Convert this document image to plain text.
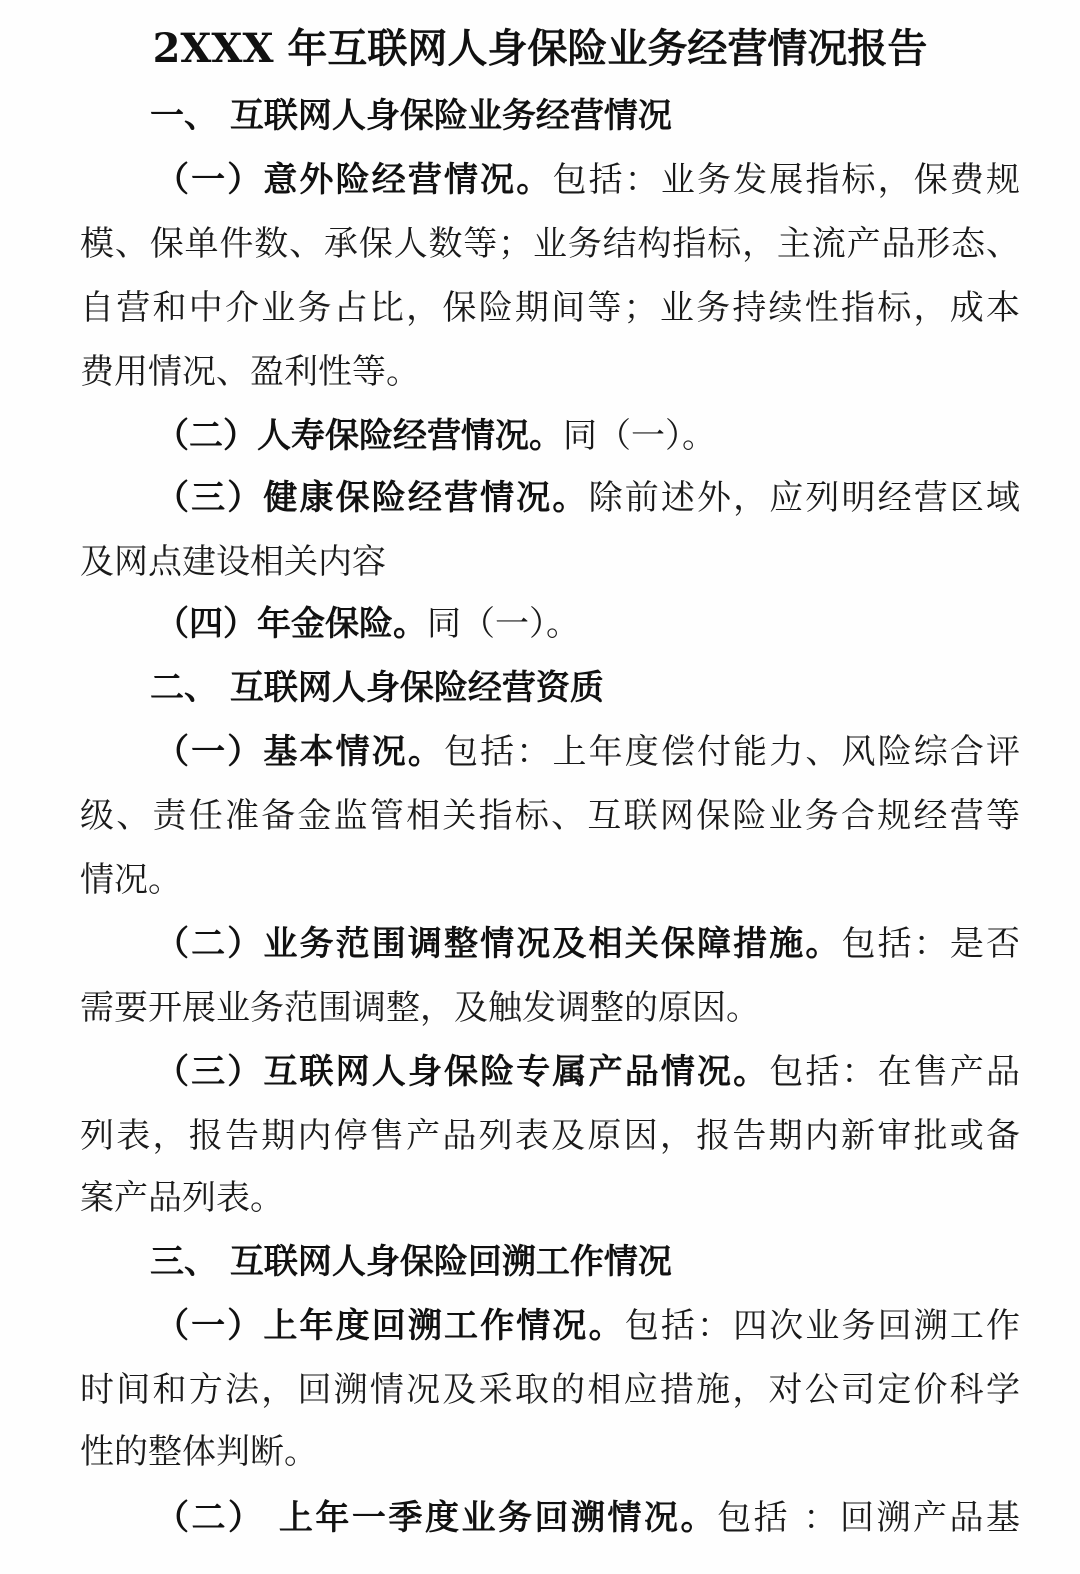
2XXX 年互联网人身保险业务经营情况报告
一、 互联网人身保险业务经营情况
（一）意外险经营情况。包括：业务发展指标，保费规
模、保单件数、承保人数等；业务结构指标，主流产品形态、
自营和中介业务占比，保险期间等；业务持续性指标，成本
费用情况、盈利性等。
（二）人寿保险经营情况。同（一）。
（三）健康保险经营情况。除前述外，应列明经营区域
及网点建设相关内容
（四）年金保险。同（一）。
二、 互联网人身保险经营资质
（一）基本情况。包括：上年度偿付能力、风险综合评
级、责任准备金监管相关指标、互联网保险业务合规经营等
情况。
（二）业务范围调整情况及相关保障措施。包括：是否
需要开展业务范围调整，及触发调整的原因。
（三）互联网人身保险专属产品情况。包括：在售产品
列表，报告期内停售产品列表及原因，报告期内新审批或备
案产品列表。
三、 互联网人身保险回溯工作情况
（一）上年度回溯工作情况。包括：四次业务回溯工作
时间和方法，回溯情况及采取的相应措施，对公司定价科学
性的整体判断。
（二） 上年一季度业务回溯情况。包括 ：回溯产品基
